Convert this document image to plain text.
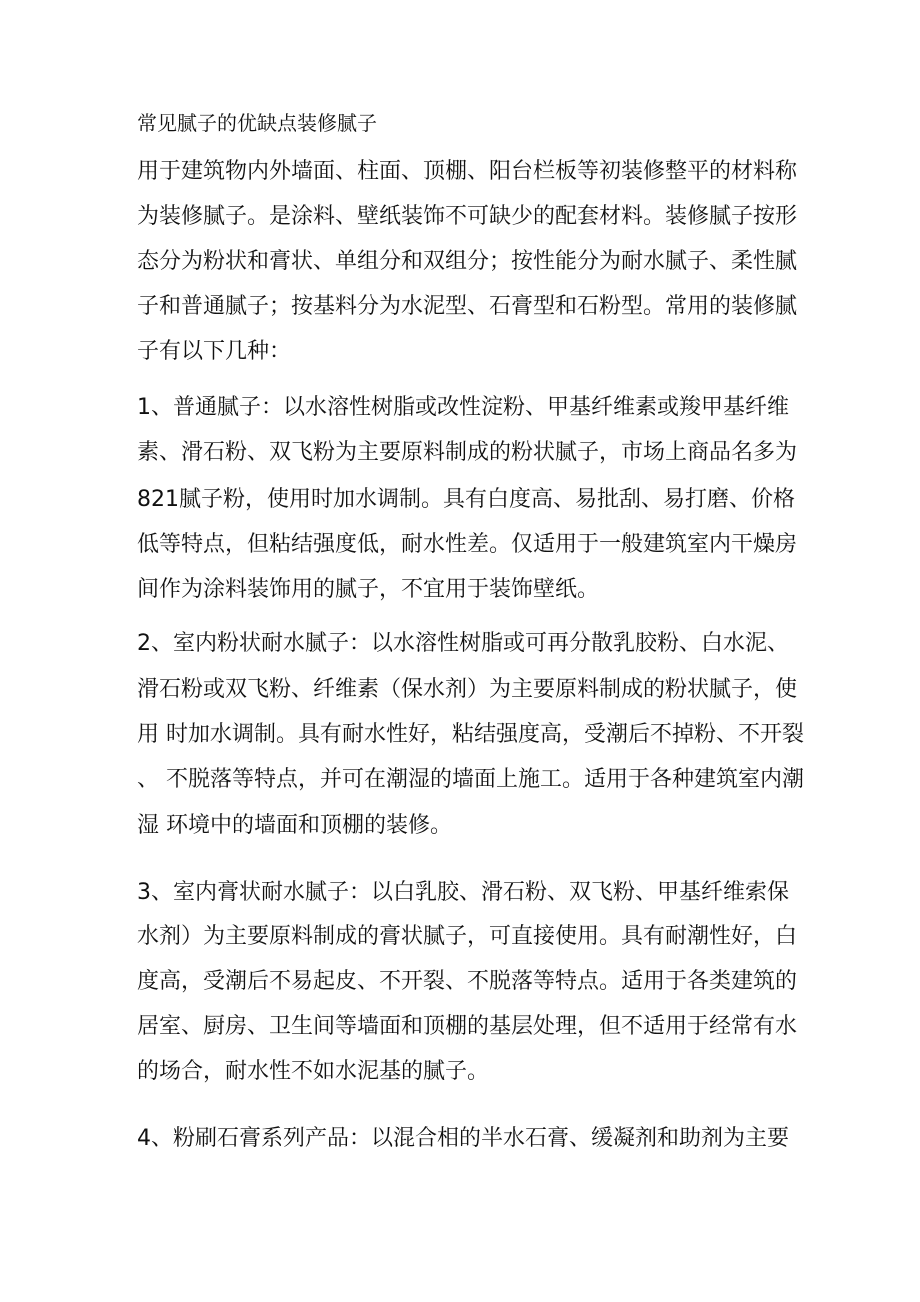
常见腻子的优缺点装修腻子
用于建筑物内外墙面、柱面、顶棚、阳台栏板等初装修整平的材料称
为装修腻子。是涂料、壁纸装饰不可缺少的配套材料。装修腻子按形
态分为粉状和膏状、单组分和双组分；按性能分为耐水腻子、柔性腻
子和普通腻子；按基料分为水泥型、石膏型和石粉型。常用的装修腻
子有以下几种：
1、普通腻子：以水溶性树脂或改性淀粉、甲基纤维素或羧甲基纤维
素、滑石粉、双飞粉为主要原料制成的粉状腻子，市场上商品名多为
821腻子粉，使用时加水调制。具有白度高、易批刮、易打磨、价格
低等特点，但粘结强度低，耐水性差。仅适用于一般建筑室内干燥房
间作为涂料装饰用的腻子，不宜用于装饰壁纸。
2、室内粉状耐水腻子：以水溶性树脂或可再分散乳胶粉、白水泥、
滑石粉或双飞粉、纤维素（保水剂）为主要原料制成的粉状腻子，使
用 时加水调制。具有耐水性好，粘结强度高，受潮后不掉粉、不开裂
、 不脱落等特点，并可在潮湿的墙面上施工。适用于各种建筑室内潮
湿 环境中的墙面和顶棚的装修。
3、室内膏状耐水腻子：以白乳胶、滑石粉、双飞粉、甲基纤维索保
水剂）为主要原料制成的膏状腻子，可直接使用。具有耐潮性好，白
度高，受潮后不易起皮、不开裂、不脱落等特点。适用于各类建筑的
居室、厨房、卫生间等墙面和顶棚的基层处理，但不适用于经常有水
的场合，耐水性不如水泥基的腻子。
4、粉刷石膏系列产品：以混合相的半水石膏、缓凝剂和助剂为主要
